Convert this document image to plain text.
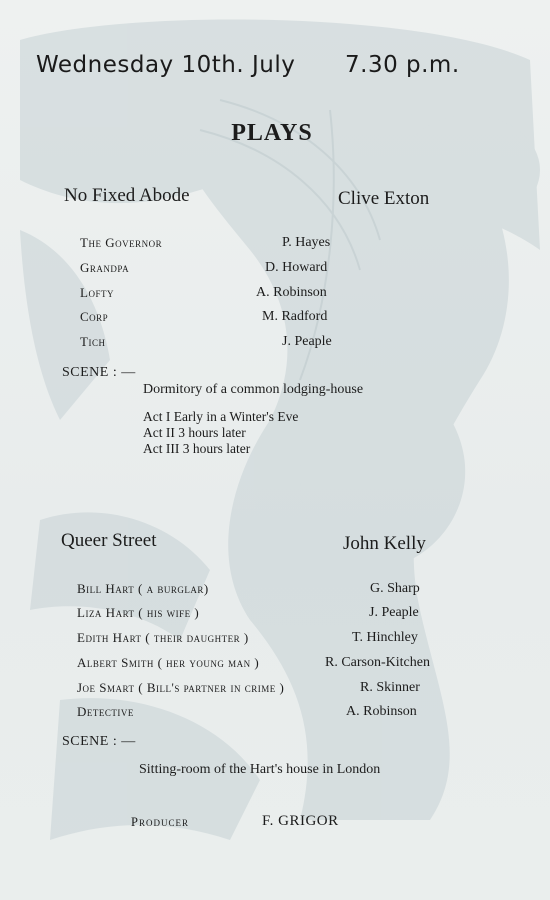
Wednesday 10th. July 7.30 p.m.
PLAYS
No Fixed Abode	Clive Exton
The Governor	P. Hayes
Grandpa	D. Howard
Lofty	A. Robinson
Corp	M. Radford
Tich	J. Peaple
SCENE : —
Dormitory of a common lodging-house
Act I Early in a Winter's Eve
Act II 3 hours later
Act III 3 hours later
Queer Street	John Kelly
Bill Hart ( a burglar)	G. Sharp
Liza Hart ( his wife )	J. Peaple
Edith Hart ( their daughter )	T. Hinchley
Albert Smith ( her young man )	R. Carson-Kitchen
Joe Smart ( Bill's partner in crime )	R. Skinner
Detective	A. Robinson
SCENE : —
Sitting-room of the Hart's house in London
Producer	F. GRIGOR
